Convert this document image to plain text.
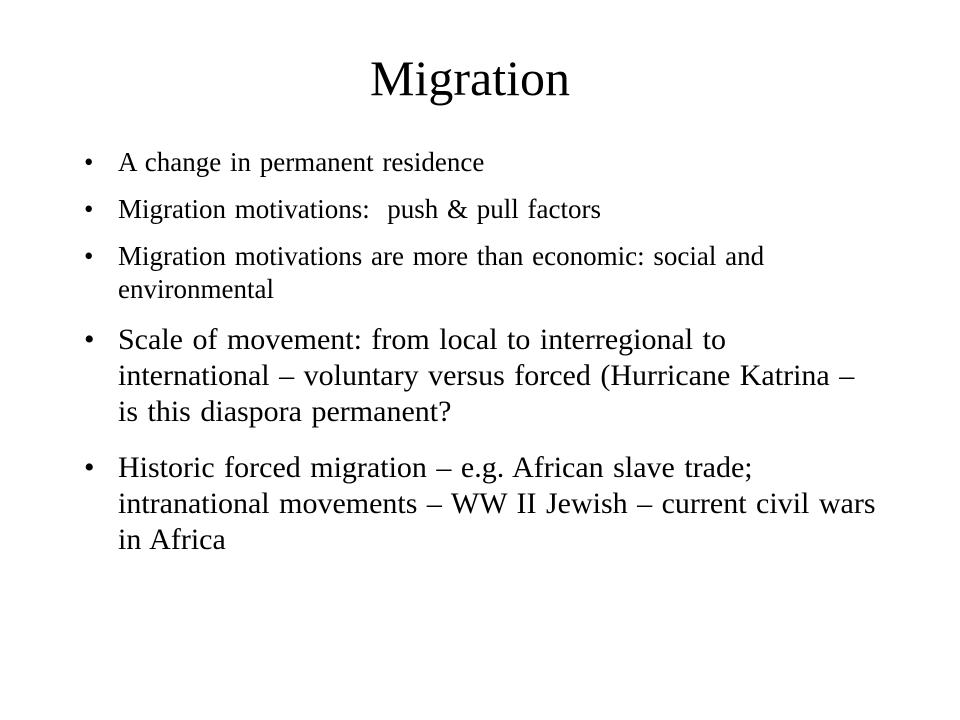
Migration
• A change in permanent residence
• Migration motivations:  push & pull factors
• Migration motivations are more than economic: social and environmental
• Scale of movement: from local to interregional to international – voluntary versus forced (Hurricane Katrina – is this diaspora permanent?
• Historic forced migration – e.g. African slave trade; intranational movements – WW II Jewish – current civil wars in Africa
